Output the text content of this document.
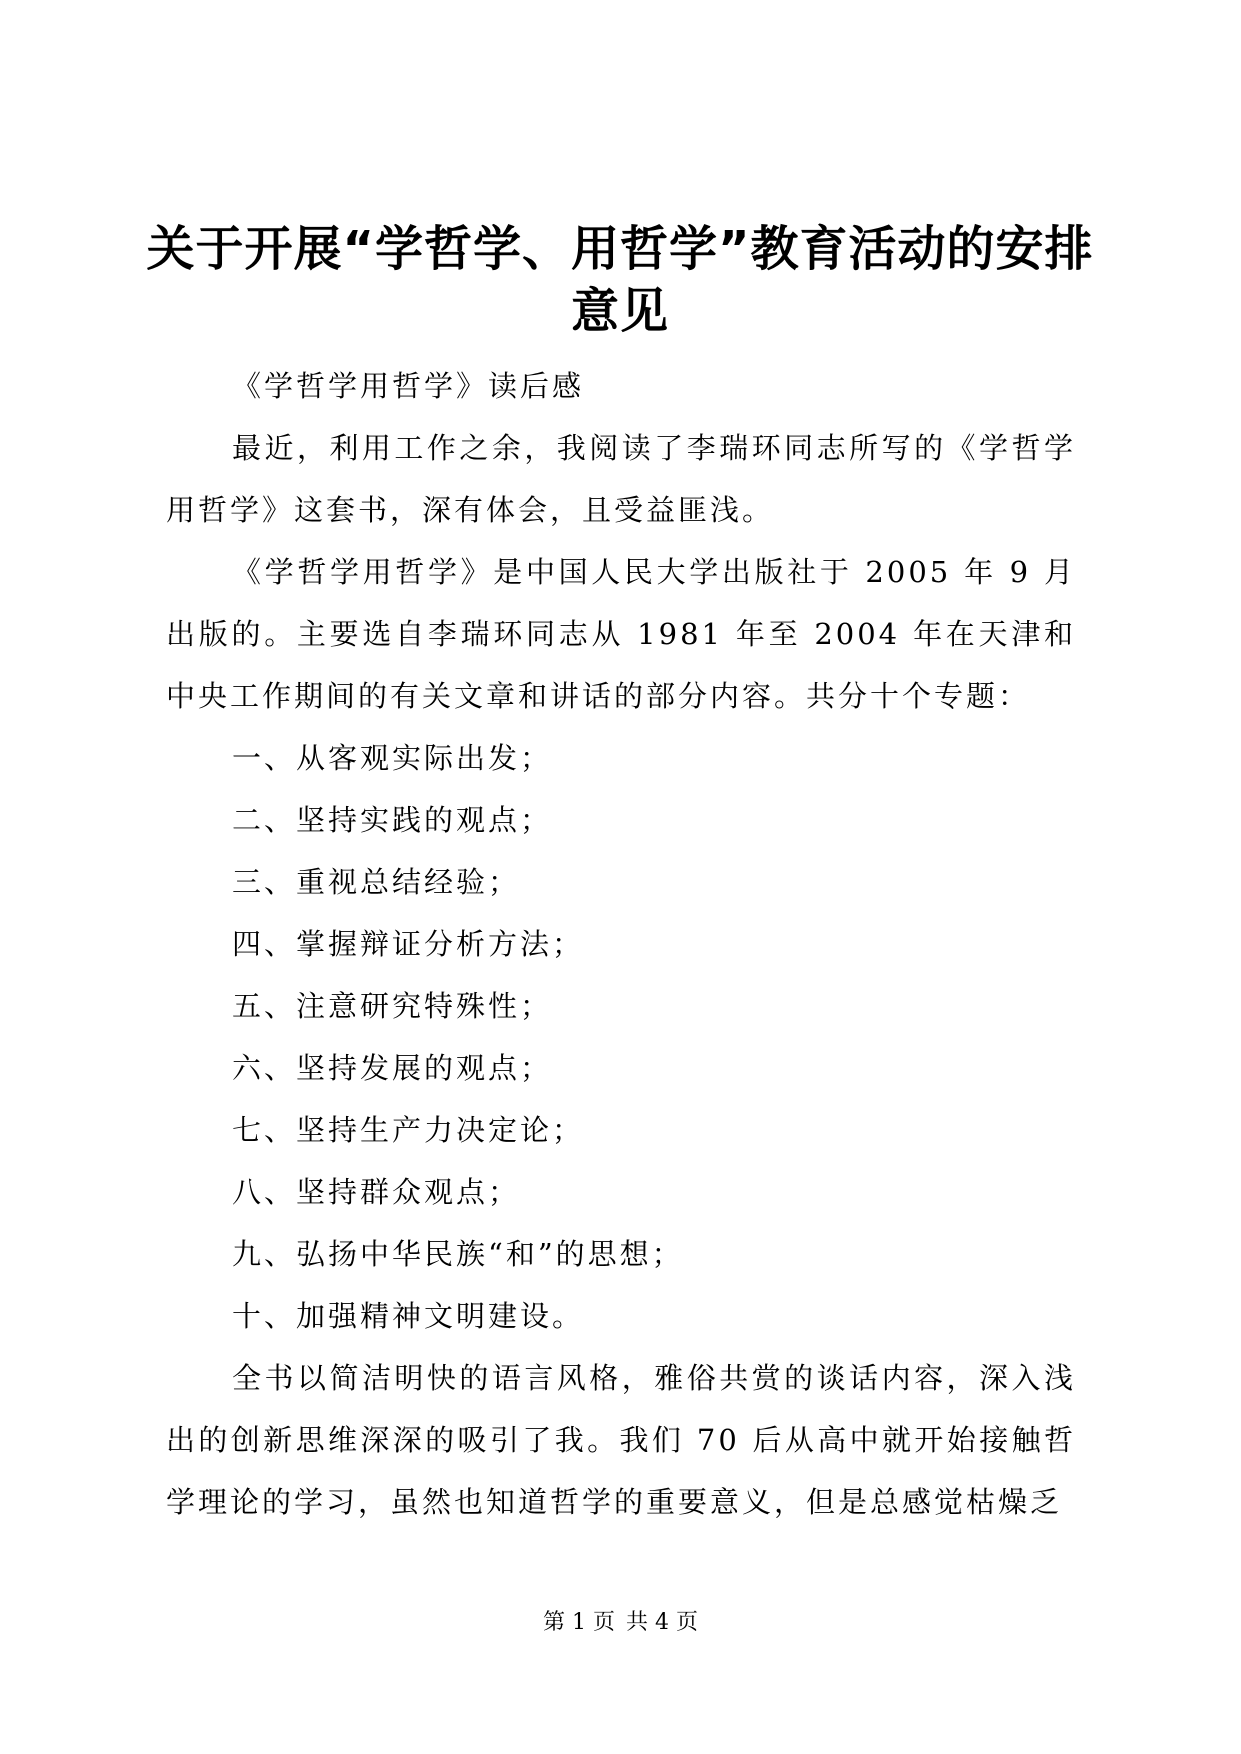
关于开展“学哲学、用哲学”教育活动的安排
意见

《学哲学用哲学》读后感

最近，利用工作之余，我阅读了李瑞环同志所写的《学哲学用哲学》这套书，深有体会，且受益匪浅。

《学哲学用哲学》是中国人民大学出版社于 2005 年 9 月出版的。主要选自李瑞环同志从 1981 年至 2004 年在天津和中央工作期间的有关文章和讲话的部分内容。共分十个专题：

一、从客观实际出发；

二、坚持实践的观点；

三、重视总结经验；

四、掌握辩证分析方法；

五、注意研究特殊性；

六、坚持发展的观点；

七、坚持生产力决定论；

八、坚持群众观点；

九、弘扬中华民族“和”的思想；

十、加强精神文明建设。

全书以简洁明快的语言风格，雅俗共赏的谈话内容，深入浅出的创新思维深深的吸引了我。我们 70 后从高中就开始接触哲学理论的学习，虽然也知道哲学的重要意义，但是总感觉枯燥乏

第 1 页 共 4 页
